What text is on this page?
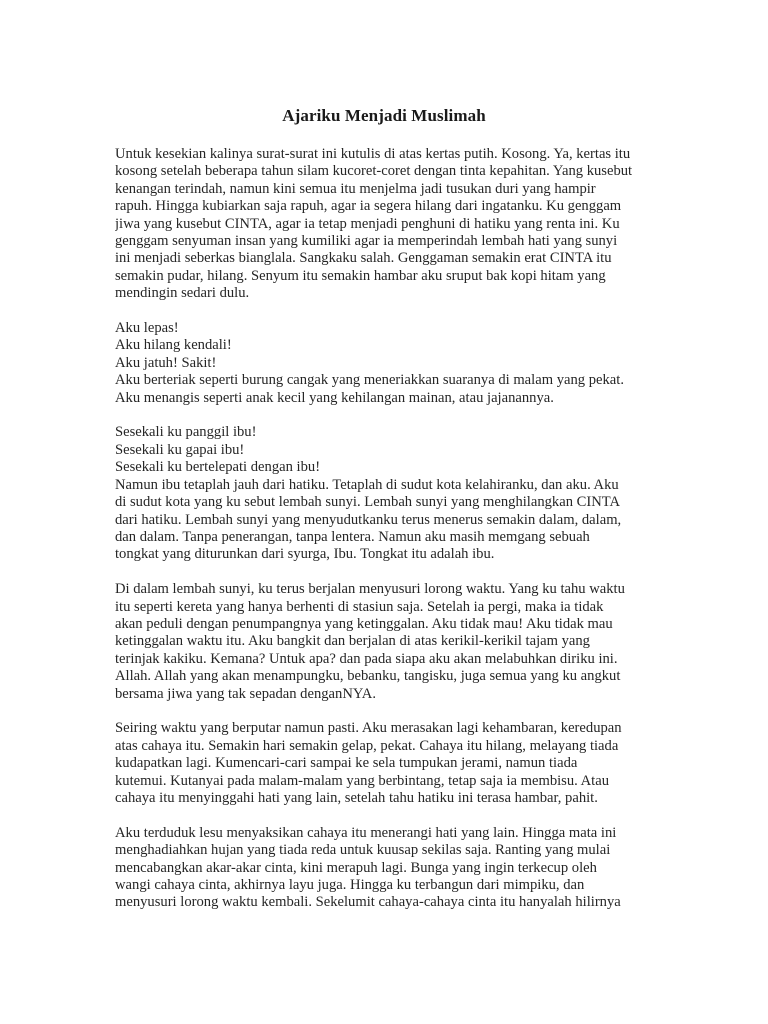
Ajariku Menjadi Muslimah

Untuk kesekian kalinya surat-surat ini kutulis di atas kertas putih. Kosong. Ya, kertas itu
kosong setelah beberapa tahun silam kucoret-coret dengan tinta kepahitan. Yang kusebut
kenangan terindah, namun kini semua itu menjelma jadi tusukan duri yang hampir
rapuh. Hingga kubiarkan saja rapuh, agar ia segera hilang dari ingatanku. Ku genggam
jiwa yang kusebut CINTA, agar ia tetap menjadi penghuni di hatiku yang renta ini. Ku
genggam senyuman insan yang kumiliki agar ia memperindah lembah hati yang sunyi
ini menjadi seberkas bianglala. Sangkaku salah. Genggaman semakin erat CINTA itu
semakin pudar, hilang. Senyum itu semakin hambar aku sruput bak kopi hitam yang
mendingin sedari dulu.

Aku lepas!
Aku hilang kendali!
Aku jatuh! Sakit!
Aku berteriak seperti burung cangak yang meneriakkan suaranya di malam yang pekat.
Aku menangis seperti anak kecil yang kehilangan mainan, atau jajanannya.

Sesekali ku panggil ibu!
Sesekali ku gapai ibu!
Sesekali ku bertelepati dengan ibu!
Namun ibu tetaplah jauh dari hatiku. Tetaplah di sudut kota kelahiranku, dan aku. Aku
di sudut kota yang ku sebut lembah sunyi. Lembah sunyi yang menghilangkan CINTA
dari hatiku. Lembah sunyi yang menyudutkanku terus menerus semakin dalam, dalam,
dan dalam. Tanpa penerangan, tanpa lentera. Namun aku masih memgang sebuah
tongkat yang diturunkan dari syurga, Ibu. Tongkat itu adalah ibu.

Di dalam lembah sunyi, ku terus berjalan menyusuri lorong waktu. Yang ku tahu waktu
itu seperti kereta yang hanya berhenti di stasiun saja. Setelah ia pergi, maka ia tidak
akan peduli dengan penumpangnya yang ketinggalan. Aku tidak mau! Aku tidak mau
ketinggalan waktu itu. Aku bangkit dan berjalan di atas kerikil-kerikil tajam yang
terinjak kakiku. Kemana? Untuk apa? dan pada siapa aku akan melabuhkan diriku ini.
Allah. Allah yang akan menampungku, bebanku, tangisku, juga semua yang ku angkut
bersama jiwa yang tak sepadan denganNYA.

Seiring waktu yang berputar namun pasti. Aku merasakan lagi kehambaran, keredupan
atas cahaya itu. Semakin hari semakin gelap, pekat. Cahaya itu hilang, melayang tiada
kudapatkan lagi. Kumencari-cari sampai ke sela tumpukan jerami, namun tiada
kutemui. Kutanyai pada malam-malam yang berbintang, tetap saja ia membisu. Atau
cahaya itu menyinggahi hati yang lain, setelah tahu hatiku ini terasa hambar, pahit.

Aku terduduk lesu menyaksikan cahaya itu menerangi hati yang lain. Hingga mata ini
menghadiahkan hujan yang tiada reda untuk kuusap sekilas saja. Ranting yang mulai
mencabangkan akar-akar cinta, kini merapuh lagi. Bunga yang ingin terkecup oleh
wangi cahaya cinta, akhirnya layu juga. Hingga ku terbangun dari mimpiku, dan
menyusuri lorong waktu kembali. Sekelumit cahaya-cahaya cinta itu hanyalah hilirnya
